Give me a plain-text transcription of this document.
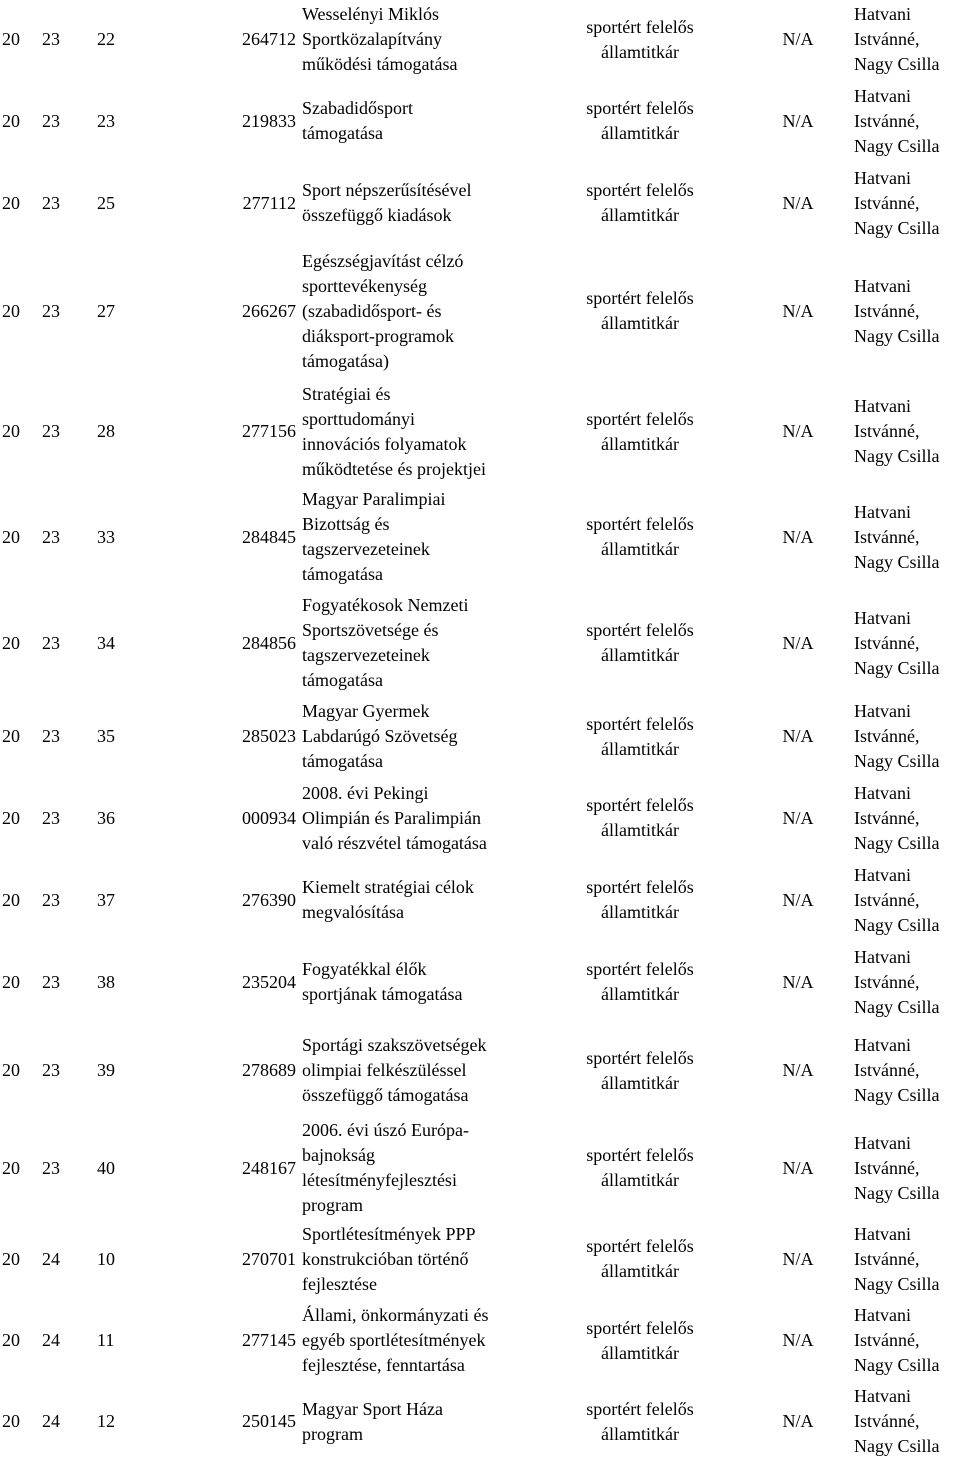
20	23	22	264712	Wesselényi Miklós
Sportközalapítvány
működési támogatása	sportért felelős
államtitkár	N/A	Hatvani
Istvánné,
Nagy Csilla

20	23	23	219833	Szabadidősport
támogatása	sportért felelős
államtitkár	N/A	Hatvani
Istvánné,
Nagy Csilla

20	23	25	277112	Sport népszerűsítésével
összefüggő kiadások	sportért felelős
államtitkár	N/A	Hatvani
Istvánné,
Nagy Csilla

20	23	27	266267	Egészségjavítást célzó
sporttevékenység
(szabadidősport- és
diáksport-programok
támogatása)	sportért felelős
államtitkár	N/A	Hatvani
Istvánné,
Nagy Csilla

20	23	28	277156	Stratégiai és
sporttudományi
innovációs folyamatok
működtetése és projektjei	sportért felelős
államtitkár	N/A	Hatvani
Istvánné,
Nagy Csilla

20	23	33	284845	Magyar Paralimpiai
Bizottság és
tagszervezeteinek
támogatása	sportért felelős
államtitkár	N/A	Hatvani
Istvánné,
Nagy Csilla

20	23	34	284856	Fogyatékosok Nemzeti
Sportszövetsége és
tagszervezeteinek
támogatása	sportért felelős
államtitkár	N/A	Hatvani
Istvánné,
Nagy Csilla

20	23	35	285023	Magyar Gyermek
Labdarúgó Szövetség
támogatása	sportért felelős
államtitkár	N/A	Hatvani
Istvánné,
Nagy Csilla

20	23	36	000934	2008. évi Pekingi
Olimpián és Paralimpián
való részvétel támogatása	sportért felelős
államtitkár	N/A	Hatvani
Istvánné,
Nagy Csilla

20	23	37	276390	Kiemelt stratégiai célok
megvalósítása	sportért felelős
államtitkár	N/A	Hatvani
Istvánné,
Nagy Csilla

20	23	38	235204	Fogyatékkal élők
sportjának támogatása	sportért felelős
államtitkár	N/A	Hatvani
Istvánné,
Nagy Csilla

20	23	39	278689	Sportági szakszövetségek
olimpiai felkészüléssel
összefüggő támogatása	sportért felelős
államtitkár	N/A	Hatvani
Istvánné,
Nagy Csilla

20	23	40	248167	2006. évi úszó Európa-
bajnokság
létesítményfejlesztési
program	sportért felelős
államtitkár	N/A	Hatvani
Istvánné,
Nagy Csilla

20	24	10	270701	Sportlétesítmények PPP
konstrukcióban történő
fejlesztése	sportért felelős
államtitkár	N/A	Hatvani
Istvánné,
Nagy Csilla

20	24	11	277145	Állami, önkormányzati és
egyéb sportlétesítmények
fejlesztése, fenntartása	sportért felelős
államtitkár	N/A	Hatvani
Istvánné,
Nagy Csilla

20	24	12	250145	Magyar Sport Háza
program	sportért felelős
államtitkár	N/A	Hatvani
Istvánné,
Nagy Csilla
